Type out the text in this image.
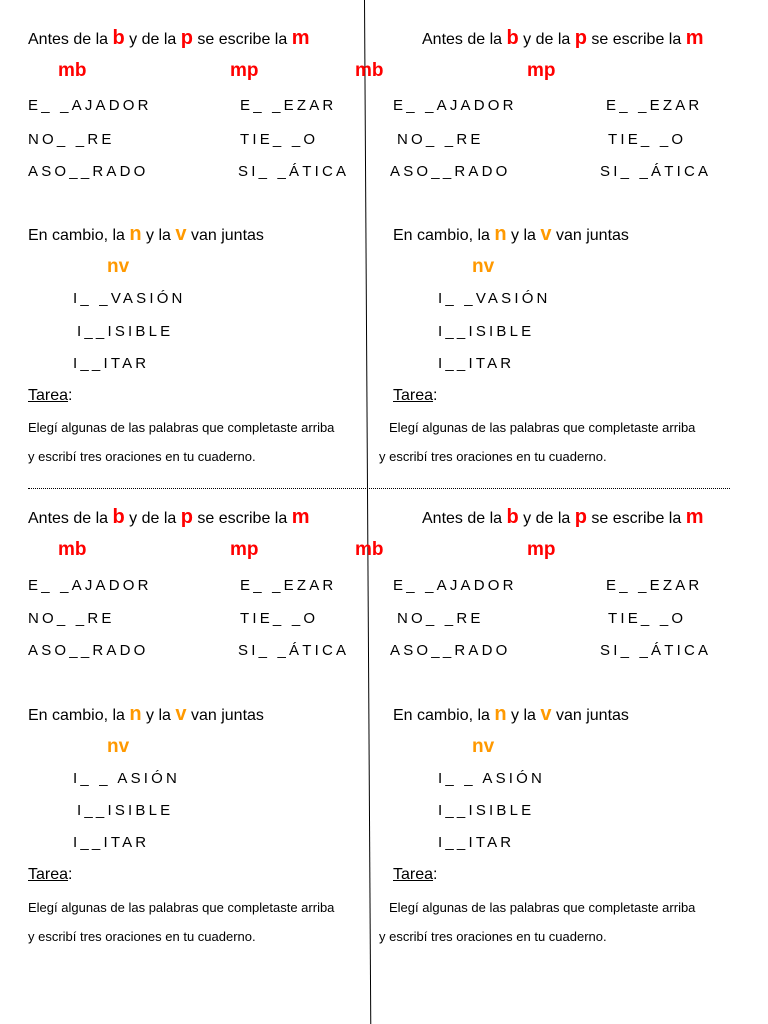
Antes de la b y de la p se escribe la m
mb	mp
E_ _AJADOR	E_ _EZAR
NO_ _RE	TIE_ _O
ASO__RADO	SI_ _ÁTICA
En cambio, la n y la v van juntas
nv
I_ _VASIÓN
I__ISIBLE
I__ITAR
Tarea:
Elegí algunas de las palabras que completaste arriba
y escribí tres oraciones en tu cuaderno.
Antes de la b y de la p se escribe la m
mb	mp
E_ _AJADOR	E_ _EZAR
NO_ _RE	TIE_ _O
ASO__RADO	SI_ _ÁTICA
En cambio, la n y la v van juntas
nv
I_ _VASIÓN
I__ISIBLE
I__ITAR
Tarea:
Elegí algunas de las palabras que completaste arriba
y escribí tres oraciones en tu cuaderno.
Antes de la b y de la p se escribe la m
mb	mp
E_ _AJADOR	E_ _EZAR
NO_ _RE	TIE_ _O
ASO__RADO	SI_ _ÁTICA
En cambio, la n y la v van juntas
nv
I_ _ ASIÓN
I__ISIBLE
I__ITAR
Tarea:
Elegí algunas de las palabras que completaste arriba
y escribí tres oraciones en tu cuaderno.
Antes de la b y de la p se escribe la m
mb	mp
E_ _AJADOR	E_ _EZAR
NO_ _RE	TIE_ _O
ASO__RADO	SI_ _ÁTICA
En cambio, la n y la v van juntas
nv
I_ _ ASIÓN
I__ISIBLE
I__ITAR
Tarea:
Elegí algunas de las palabras que completaste arriba
y escribí tres oraciones en tu cuaderno.
